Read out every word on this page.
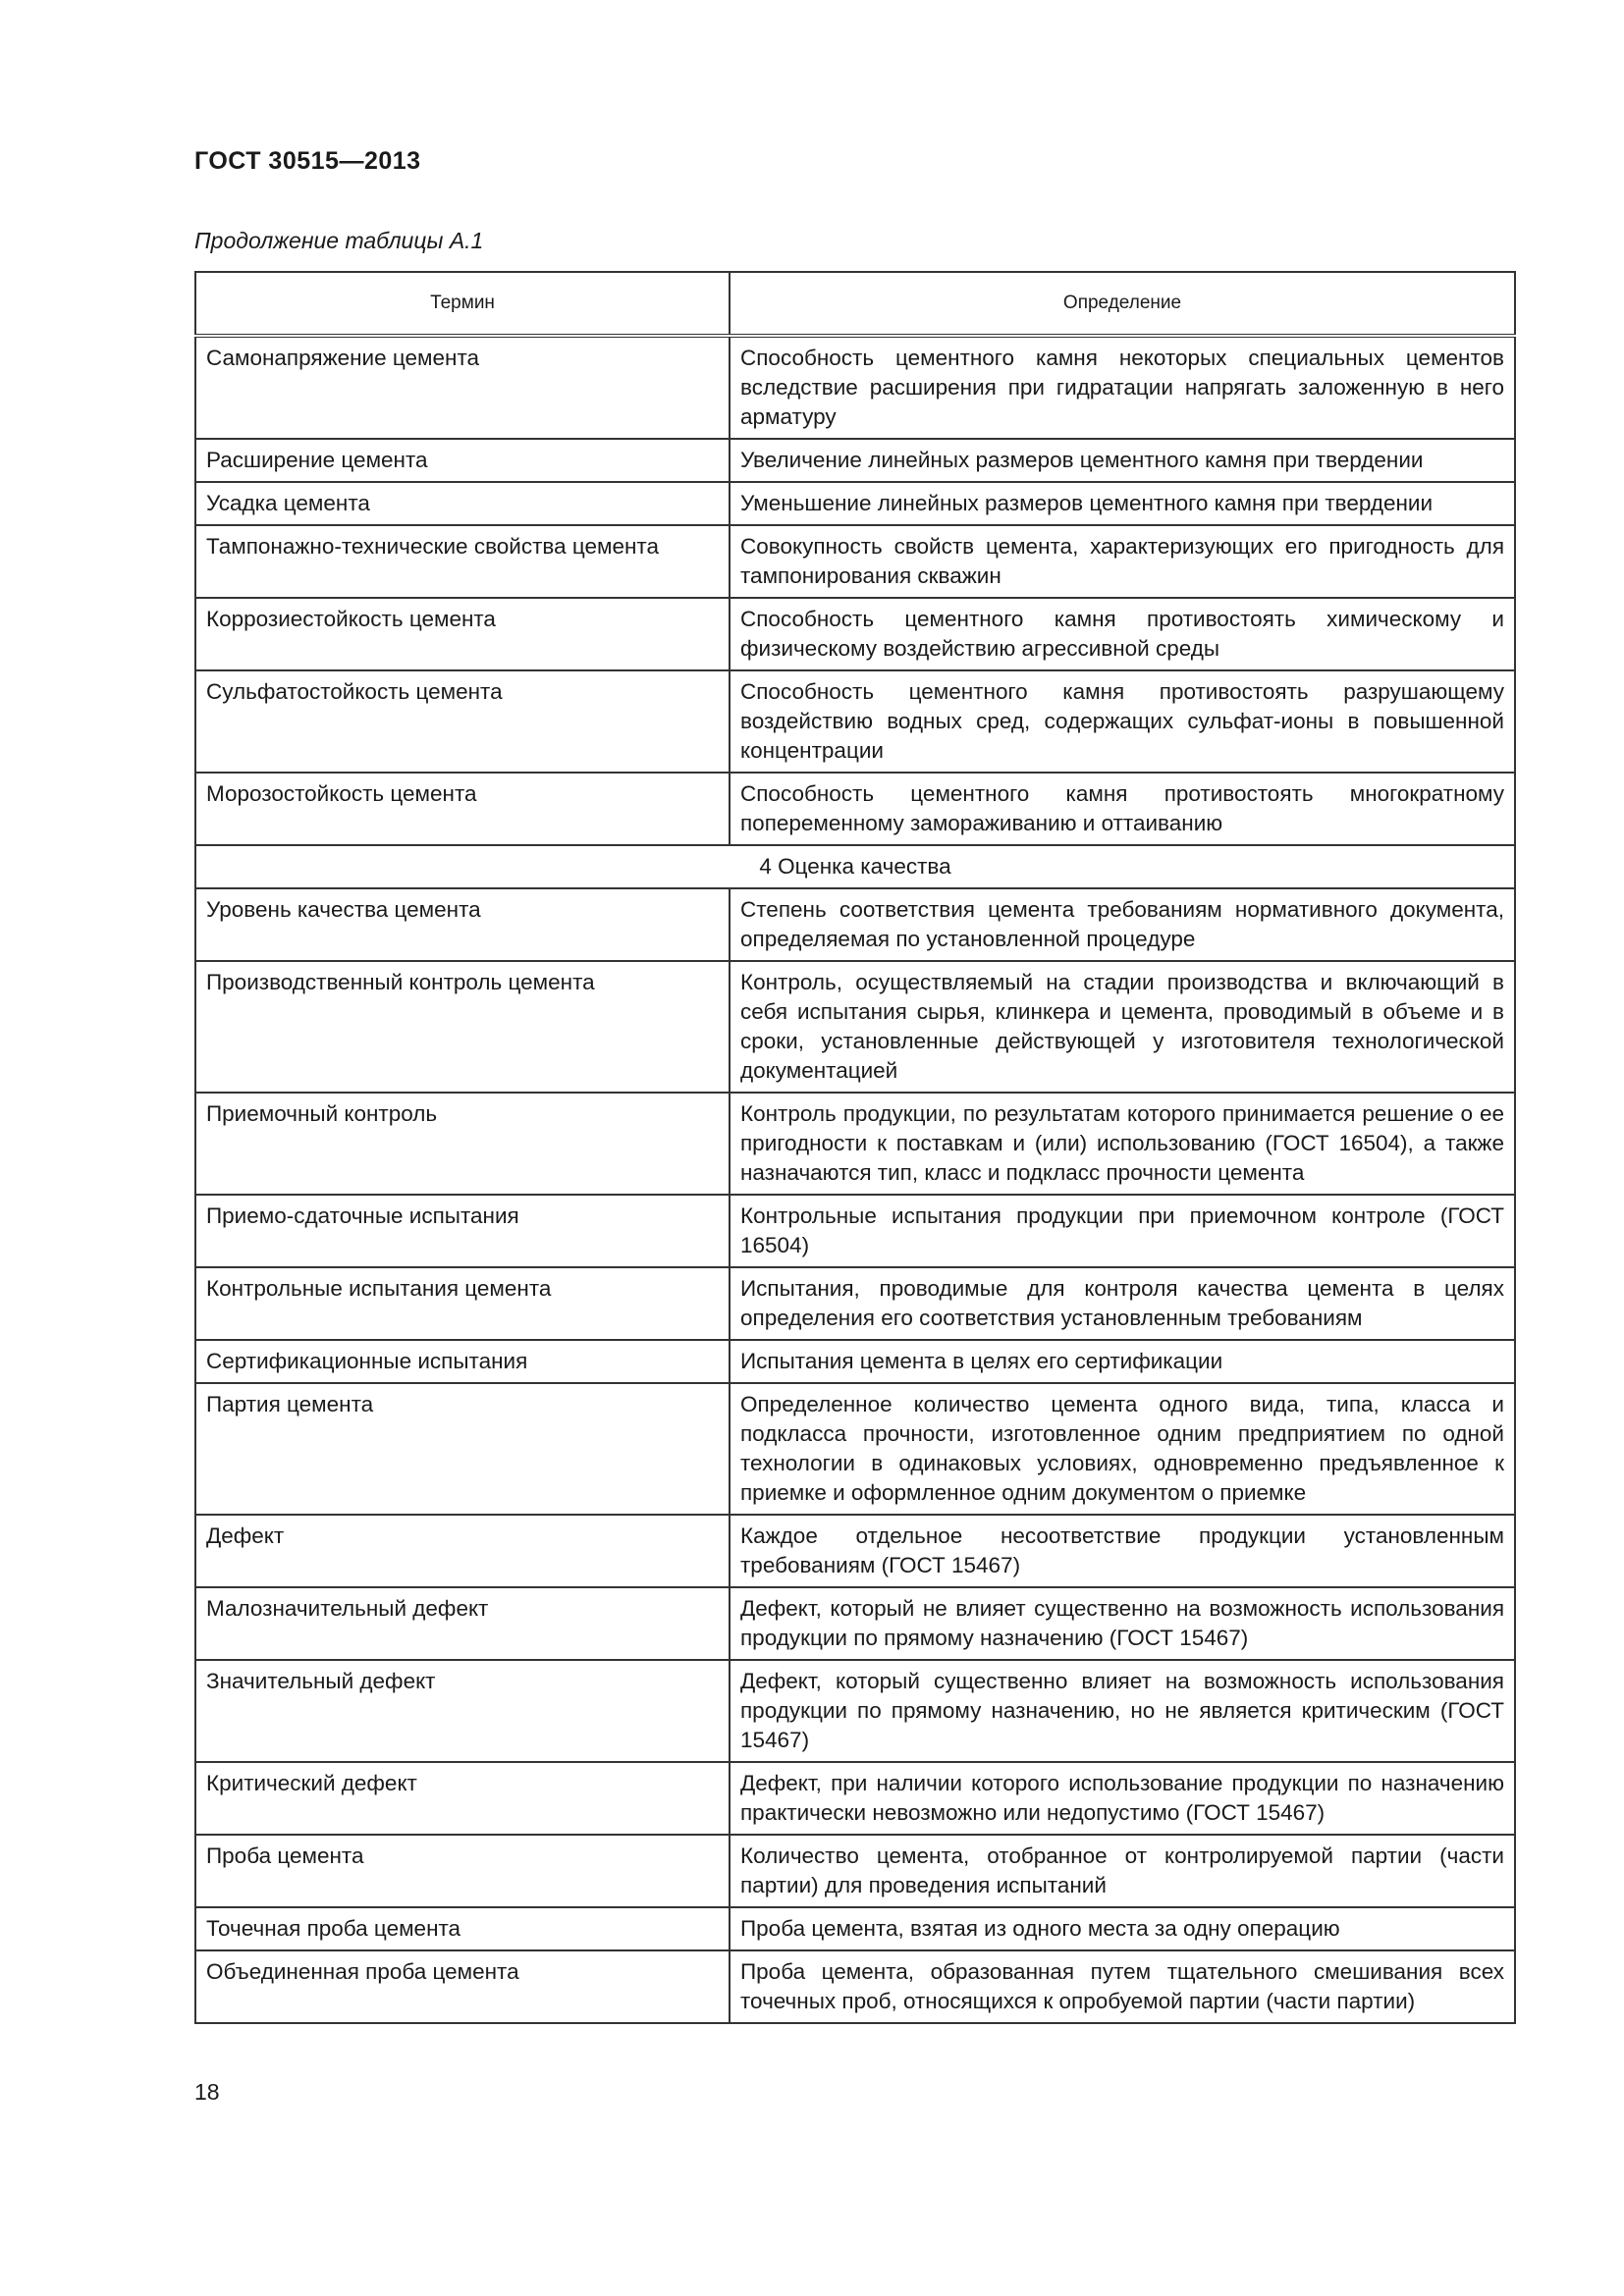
ГОСТ 30515—2013
Продолжение таблицы А.1
Термин	Определение
Самонапряжение цемента	Способность цементного камня некоторых специальных цементов вследствие расширения при гидратации напрягать заложенную в него арматуру
Расширение цемента	Увеличение линейных размеров цементного камня при твердении
Усадка цемента	Уменьшение линейных размеров цементного камня при твердении
Тампонажно-технические свойства цемента	Совокупность свойств цемента, характеризующих его пригодность для тампонирования скважин
Коррозиестойкость цемента	Способность цементного камня противостоять химическому и физическому воздействию агрессивной среды
Сульфатостойкость цемента	Способность цементного камня противостоять разрушающему воздействию водных сред, содержащих сульфат-ионы в повышенной концентрации
Морозостойкость цемента	Способность цементного камня противостоять многократному попеременному замораживанию и оттаиванию
4 Оценка качества	
Уровень качества цемента	Степень соответствия цемента требованиям нормативного документа, определяемая по установленной процедуре
Производственный контроль цемента	Контроль, осуществляемый на стадии производства и включающий в себя испытания сырья, клинкера и цемента, проводимый в объеме и в сроки, установленные действующей у изготовителя технологической документацией
Приемочный контроль	Контроль продукции, по результатам которого принимается решение о ее пригодности к поставкам и (или) использованию (ГОСТ 16504), а также назначаются тип, класс и подкласс прочности цемента
Приемо-сдаточные испытания	Контрольные испытания продукции при приемочном контроле (ГОСТ 16504)
Контрольные испытания цемента	Испытания, проводимые для контроля качества цемента в целях определения его соответствия установленным требованиям
Сертификационные испытания	Испытания цемента в целях его сертификации
Партия цемента	Определенное количество цемента одного вида, типа, класса и подкласса прочности, изготовленное одним предприятием по одной технологии в одинаковых условиях, одновременно предъявленное к приемке и оформленное одним документом о приемке
Дефект	Каждое отдельное несоответствие продукции установленным требованиям (ГОСТ 15467)
Малозначительный дефект	Дефект, который не влияет существенно на возможность использования продукции по прямому назначению (ГОСТ 15467)
Значительный дефект	Дефект, который существенно влияет на возможность использования продукции по прямому назначению, но не является критическим (ГОСТ 15467)
Критический дефект	Дефект, при наличии которого использование продукции по назначению практически невозможно или недопустимо (ГОСТ 15467)
Проба цемента	Количество цемента, отобранное от контролируемой партии (части партии) для проведения испытаний
Точечная проба цемента	Проба цемента, взятая из одного места за одну операцию
Объединенная проба цемента	Проба цемента, образованная путем тщательного смешивания всех точечных проб, относящихся к опробуемой партии (части партии)
18
